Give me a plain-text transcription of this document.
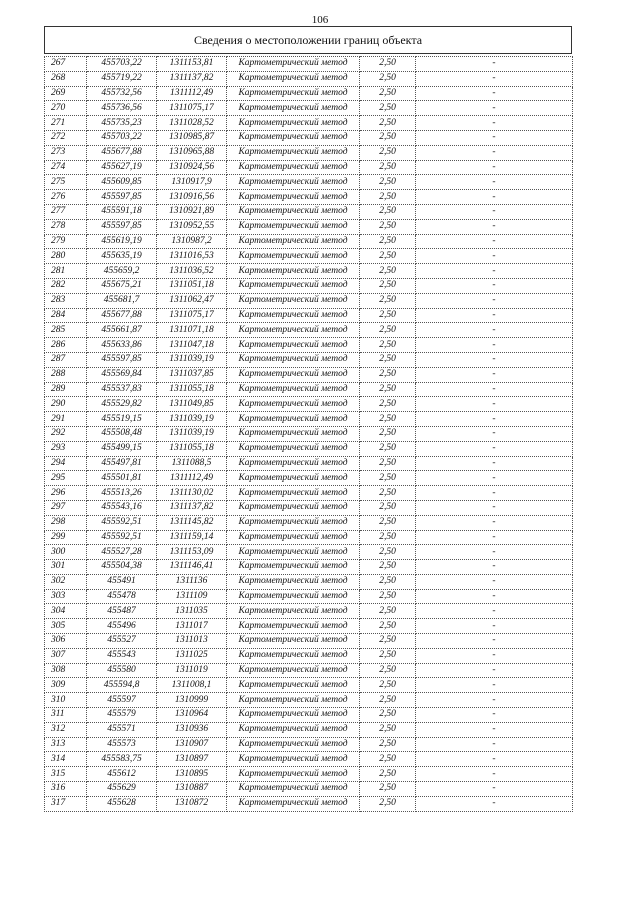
106
Сведения о местоположении границ объекта
267	455703,22	1311153,81	Картометрический метод	2,50	-
268	455719,22	1311137,82	Картометрический метод	2,50	-
269	455732,56	1311112,49	Картометрический метод	2,50	-
270	455736,56	1311075,17	Картометрический метод	2,50	-
271	455735,23	1311028,52	Картометрический метод	2,50	-
272	455703,22	1310985,87	Картометрический метод	2,50	-
273	455677,88	1310965,88	Картометрический метод	2,50	-
274	455627,19	1310924,56	Картометрический метод	2,50	-
275	455609,85	1310917,9	Картометрический метод	2,50	-
276	455597,85	1310916,56	Картометрический метод	2,50	-
277	455591,18	1310921,89	Картометрический метод	2,50	-
278	455597,85	1310952,55	Картометрический метод	2,50	-
279	455619,19	1310987,2	Картометрический метод	2,50	-
280	455635,19	1311016,53	Картометрический метод	2,50	-
281	455659,2	1311036,52	Картометрический метод	2,50	-
282	455675,21	1311051,18	Картометрический метод	2,50	-
283	455681,7	1311062,47	Картометрический метод	2,50	-
284	455677,88	1311075,17	Картометрический метод	2,50	-
285	455661,87	1311071,18	Картометрический метод	2,50	-
286	455633,86	1311047,18	Картометрический метод	2,50	-
287	455597,85	1311039,19	Картометрический метод	2,50	-
288	455569,84	1311037,85	Картометрический метод	2,50	-
289	455537,83	1311055,18	Картометрический метод	2,50	-
290	455529,82	1311049,85	Картометрический метод	2,50	-
291	455519,15	1311039,19	Картометрический метод	2,50	-
292	455508,48	1311039,19	Картометрический метод	2,50	-
293	455499,15	1311055,18	Картометрический метод	2,50	-
294	455497,81	1311088,5	Картометрический метод	2,50	-
295	455501,81	1311112,49	Картометрический метод	2,50	-
296	455513,26	1311130,02	Картометрический метод	2,50	-
297	455543,16	1311137,82	Картометрический метод	2,50	-
298	455592,51	1311145,82	Картометрический метод	2,50	-
299	455592,51	1311159,14	Картометрический метод	2,50	-
300	455527,28	1311153,09	Картометрический метод	2,50	-
301	455504,38	1311146,41	Картометрический метод	2,50	-
302	455491	1311136	Картометрический метод	2,50	-
303	455478	1311109	Картометрический метод	2,50	-
304	455487	1311035	Картометрический метод	2,50	-
305	455496	1311017	Картометрический метод	2,50	-
306	455527	1311013	Картометрический метод	2,50	-
307	455543	1311025	Картометрический метод	2,50	-
308	455580	1311019	Картометрический метод	2,50	-
309	455594,8	1311008,1	Картометрический метод	2,50	-
310	455597	1310999	Картометрический метод	2,50	-
311	455579	1310964	Картометрический метод	2,50	-
312	455571	1310936	Картометрический метод	2,50	-
313	455573	1310907	Картометрический метод	2,50	-
314	455583,75	1310897	Картометрический метод	2,50	-
315	455612	1310895	Картометрический метод	2,50	-
316	455629	1310887	Картометрический метод	2,50	-
317	455628	1310872	Картометрический метод	2,50	-
